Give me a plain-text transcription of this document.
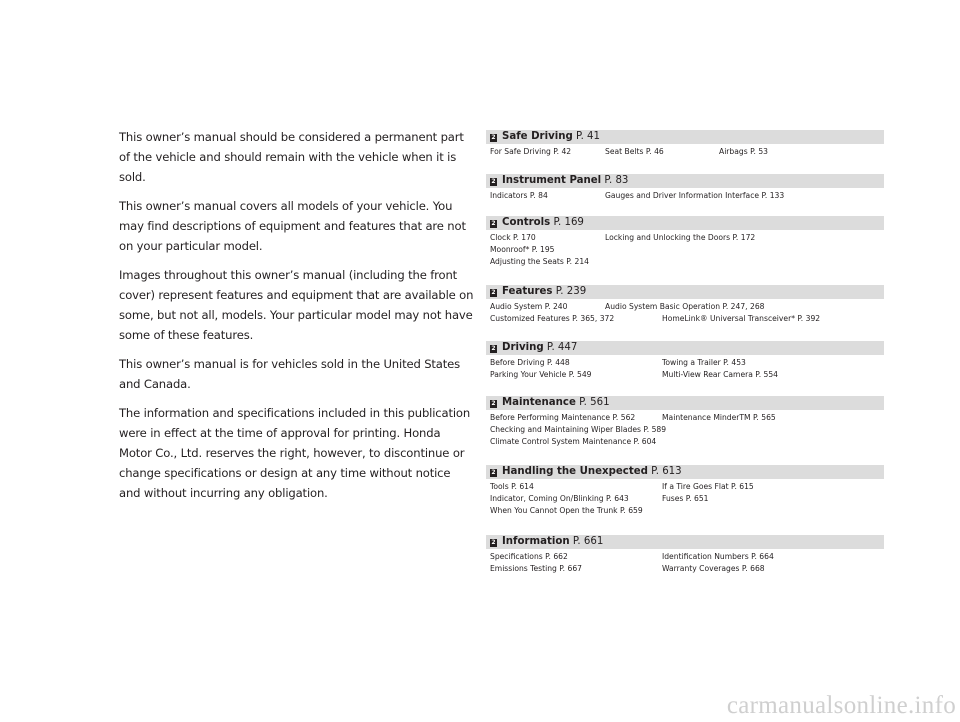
This owner’s manual should be considered a permanent part of the vehicle and should remain with the vehicle when it is sold.

This owner’s manual covers all models of your vehicle. You may find descriptions of equipment and features that are not on your particular model.

Images throughout this owner’s manual (including the front cover) represent features and equipment that are available on some, but not all, models. Your particular model may not have some of these features.

This owner’s manual is for vehicles sold in the United States and Canada.

The information and specifications included in this publication were in effect at the time of approval for printing. Honda Motor Co., Ltd. reserves the right, however, to discontinue or change specifications or design at any time without notice and without incurring any obligation.

2 Safe Driving P. 41
For Safe Driving P. 42	Seat Belts P. 46	Airbags P. 53
2 Instrument Panel P. 83
Indicators P. 84	Gauges and Driver Information Interface P. 133
2 Controls P. 169
Clock P. 170	Locking and Unlocking the Doors P. 172
Moonroof* P. 195
Adjusting the Seats P. 214
2 Features P. 239
Audio System P. 240	Audio System Basic Operation P. 247, 268
Customized Features P. 365, 372	HomeLink® Universal Transceiver* P. 392
2 Driving P. 447
Before Driving P. 448	Towing a Trailer P. 453
Parking Your Vehicle P. 549	Multi-View Rear Camera P. 554
2 Maintenance P. 561
Before Performing Maintenance P. 562	Maintenance MinderTM P. 565
Checking and Maintaining Wiper Blades P. 589
Climate Control System Maintenance P. 604
2 Handling the Unexpected P. 613
Tools P. 614	If a Tire Goes Flat P. 615
Indicator, Coming On/Blinking P. 643	Fuses P. 651
When You Cannot Open the Trunk P. 659
2 Information P. 661
Specifications P. 662	Identification Numbers P. 664
Emissions Testing P. 667	Warranty Coverages P. 668
carmanualsonline.info
